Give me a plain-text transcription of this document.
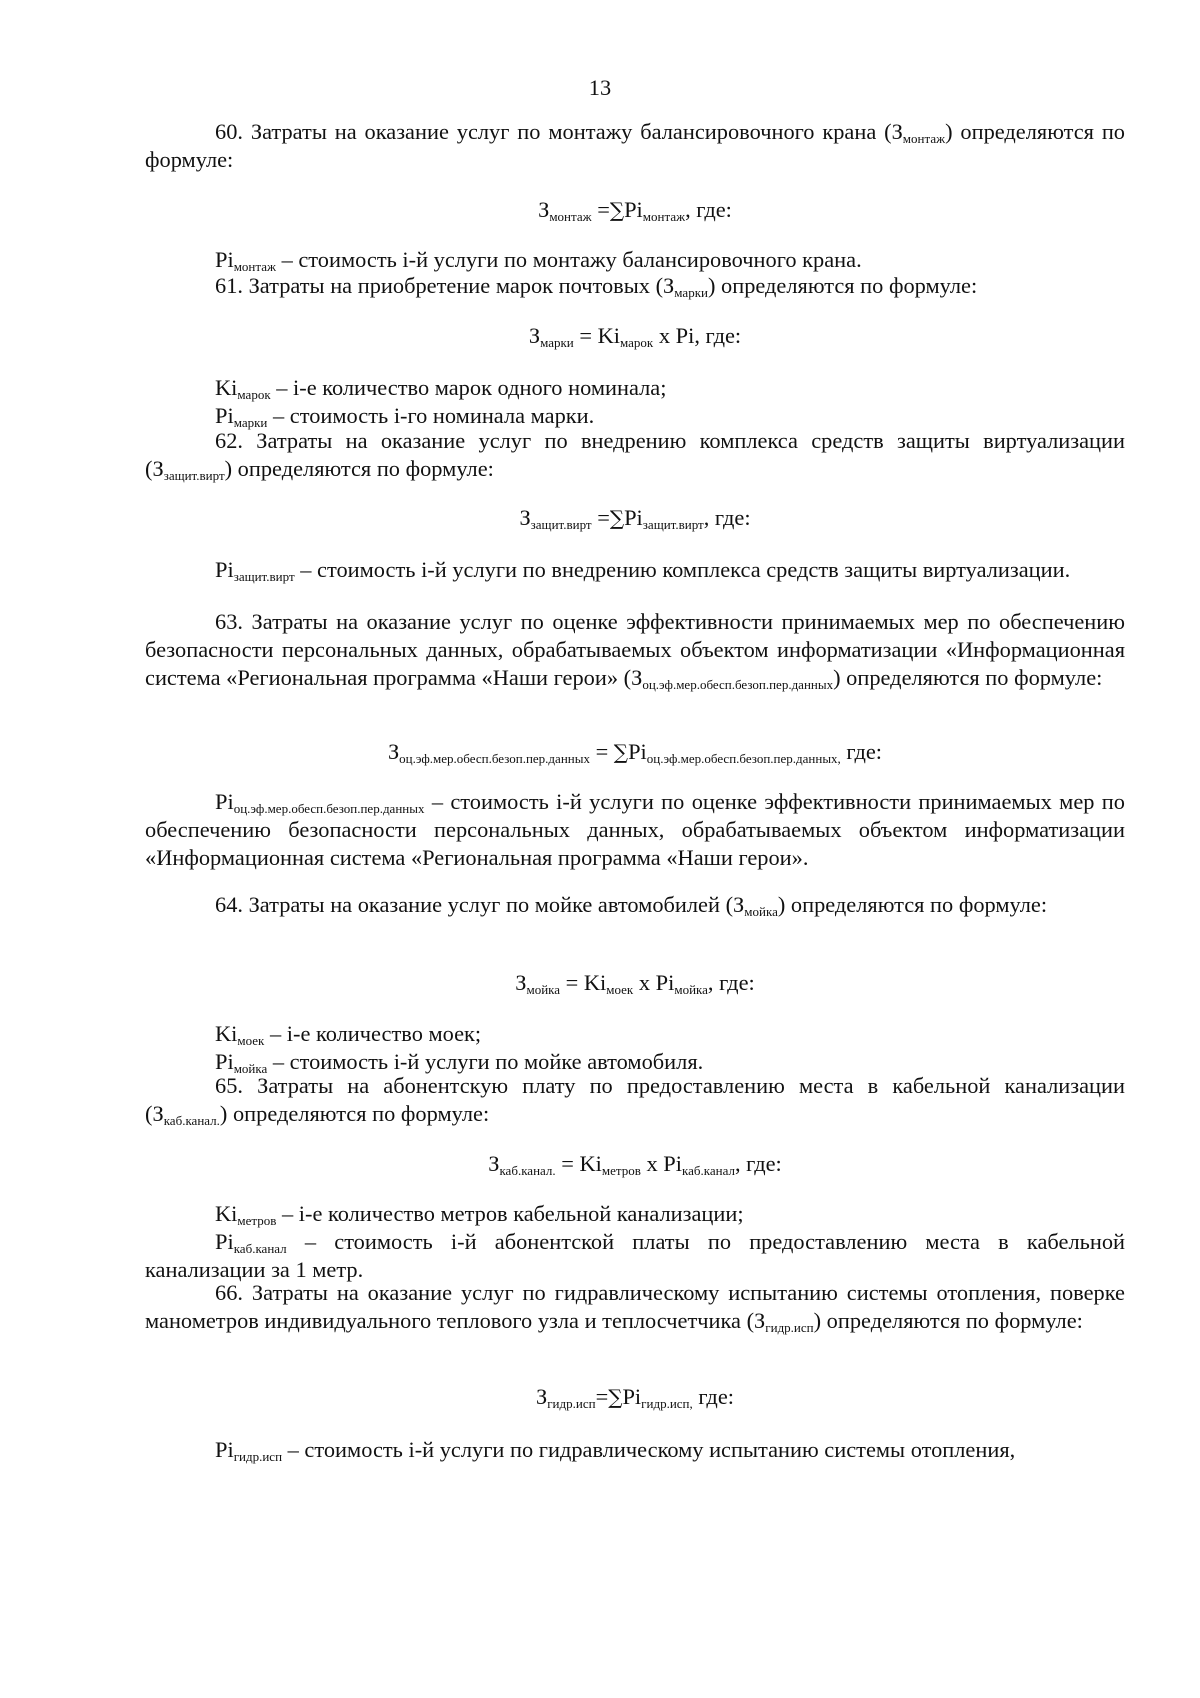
13

60. Затраты на оказание услуг по монтажу балансировочного крана $(З_{монтаж})$ определяются по формуле:

$З_{монтаж} =\sum Pi_{монтаж}$, где:

$Pi_{монтаж}$ – стоимость i-й услуги по монтажу балансировочного крана.

61. Затраты на приобретение марок почтовых $(З_{марки})$ определяются по формуле:

$З_{марки} = Ki_{марок}$ x Pi, где:

$Ki_{марок} - i-е$ количество марок одного номинала;

$Pi_{марки}$ – стоимость i-го номинала марки.

62. Затраты на оказание услуг по внедрению комплекса средств защиты виртуализации $(З_{защит.вирт})$ определяются по формуле:

$З_{защит.вирт} =\sum Pi_{защит.вирт}$, где:

$Pi_{защит.вирт}$ – стоимость i-й услуги по внедрению комплекса средств защиты виртуализации.

63. Затраты на оказание услуг по оценке эффективности принимаемых мер по обеспечению безопасности персональных данных, обрабатываемых объектом информатизации «Информационная система «Региональная программа «Наши герои» $(З_{оц.эф.мер.обесп.безоп.пер.данных})$ определяются по формуле:

$З_{оц.эф.мер.обесп.безоп.пер.данных} = \sum Pi_{оц.эф.мер.обесп.безоп.пер.данных,}$ где:

$Pi_{оц.эф.мер.обесп.безоп.пер.данных}$ – стоимость i-й услуги по оценке эффективности принимаемых мер по обеспечению безопасности персональных данных, обрабатываемых объектом информатизации «Информационная система «Региональная программа «Наши герои».

64. Затраты на оказание услуг по мойке автомобилей $(З_{мойка})$ определяются по формуле:

$З_{мойка} = Ki_{моек}$ x $Pi_{мойка}$, где:

$Ki_{моек} - i-е$ количество моек;

$Pi_{мойка}$ – стоимость i-й услуги по мойке автомобиля.

65. Затраты на абонентскую плату по предоставлению места в кабельной канализации $(З_{каб.канал.})$ определяются по формуле:

$З_{каб.канал.} = Ki_{метров}$ x $Pi_{каб.канал}$, где:

$Ki_{метров} - i-е$ количество метров кабельной канализации;

$Pi_{каб.канал}$ – стоимость i-й абонентской платы по предоставлению места в кабельной канализации за 1 метр.

66. Затраты на оказание услуг по гидравлическому испытанию системы отопления, поверке манометров индивидуального теплового узла и теплосчетчика $(З_{гидр.исп})$ определяются по формуле:

$З_{гидр.исп}=\sum Pi_{гидр.исп,}$ где:

$Pi_{гидр.исп}$ – стоимость i-й услуги по гидравлическому испытанию системы отопления,
